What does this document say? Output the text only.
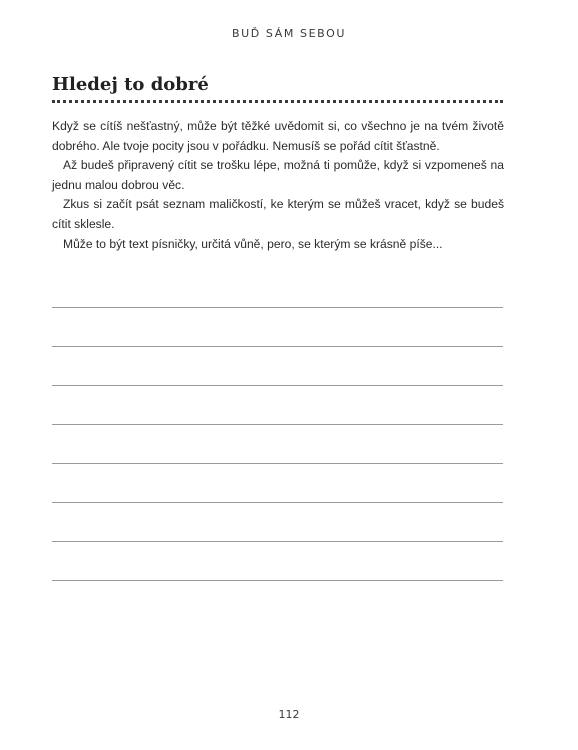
BUĎ SÁM SEBOU
Hledej to dobré

Když se cítíš nešťastný, může být těžké uvědomit si, co všechno je na tvém životě dobrého. Ale tvoje pocity jsou v pořádku. Nemusíš se pořád cítit šťastně.

Až budeš připravený cítit se trošku lépe, možná ti pomůže, když si vzpomeneš na jednu malou dobrou věc.

Zkus si začít psát seznam maličkostí, ke kterým se můžeš vracet, když se budeš cítit sklesle.

Může to být text písničky, určitá vůně, pero, se kterým se krásně píše...

112
